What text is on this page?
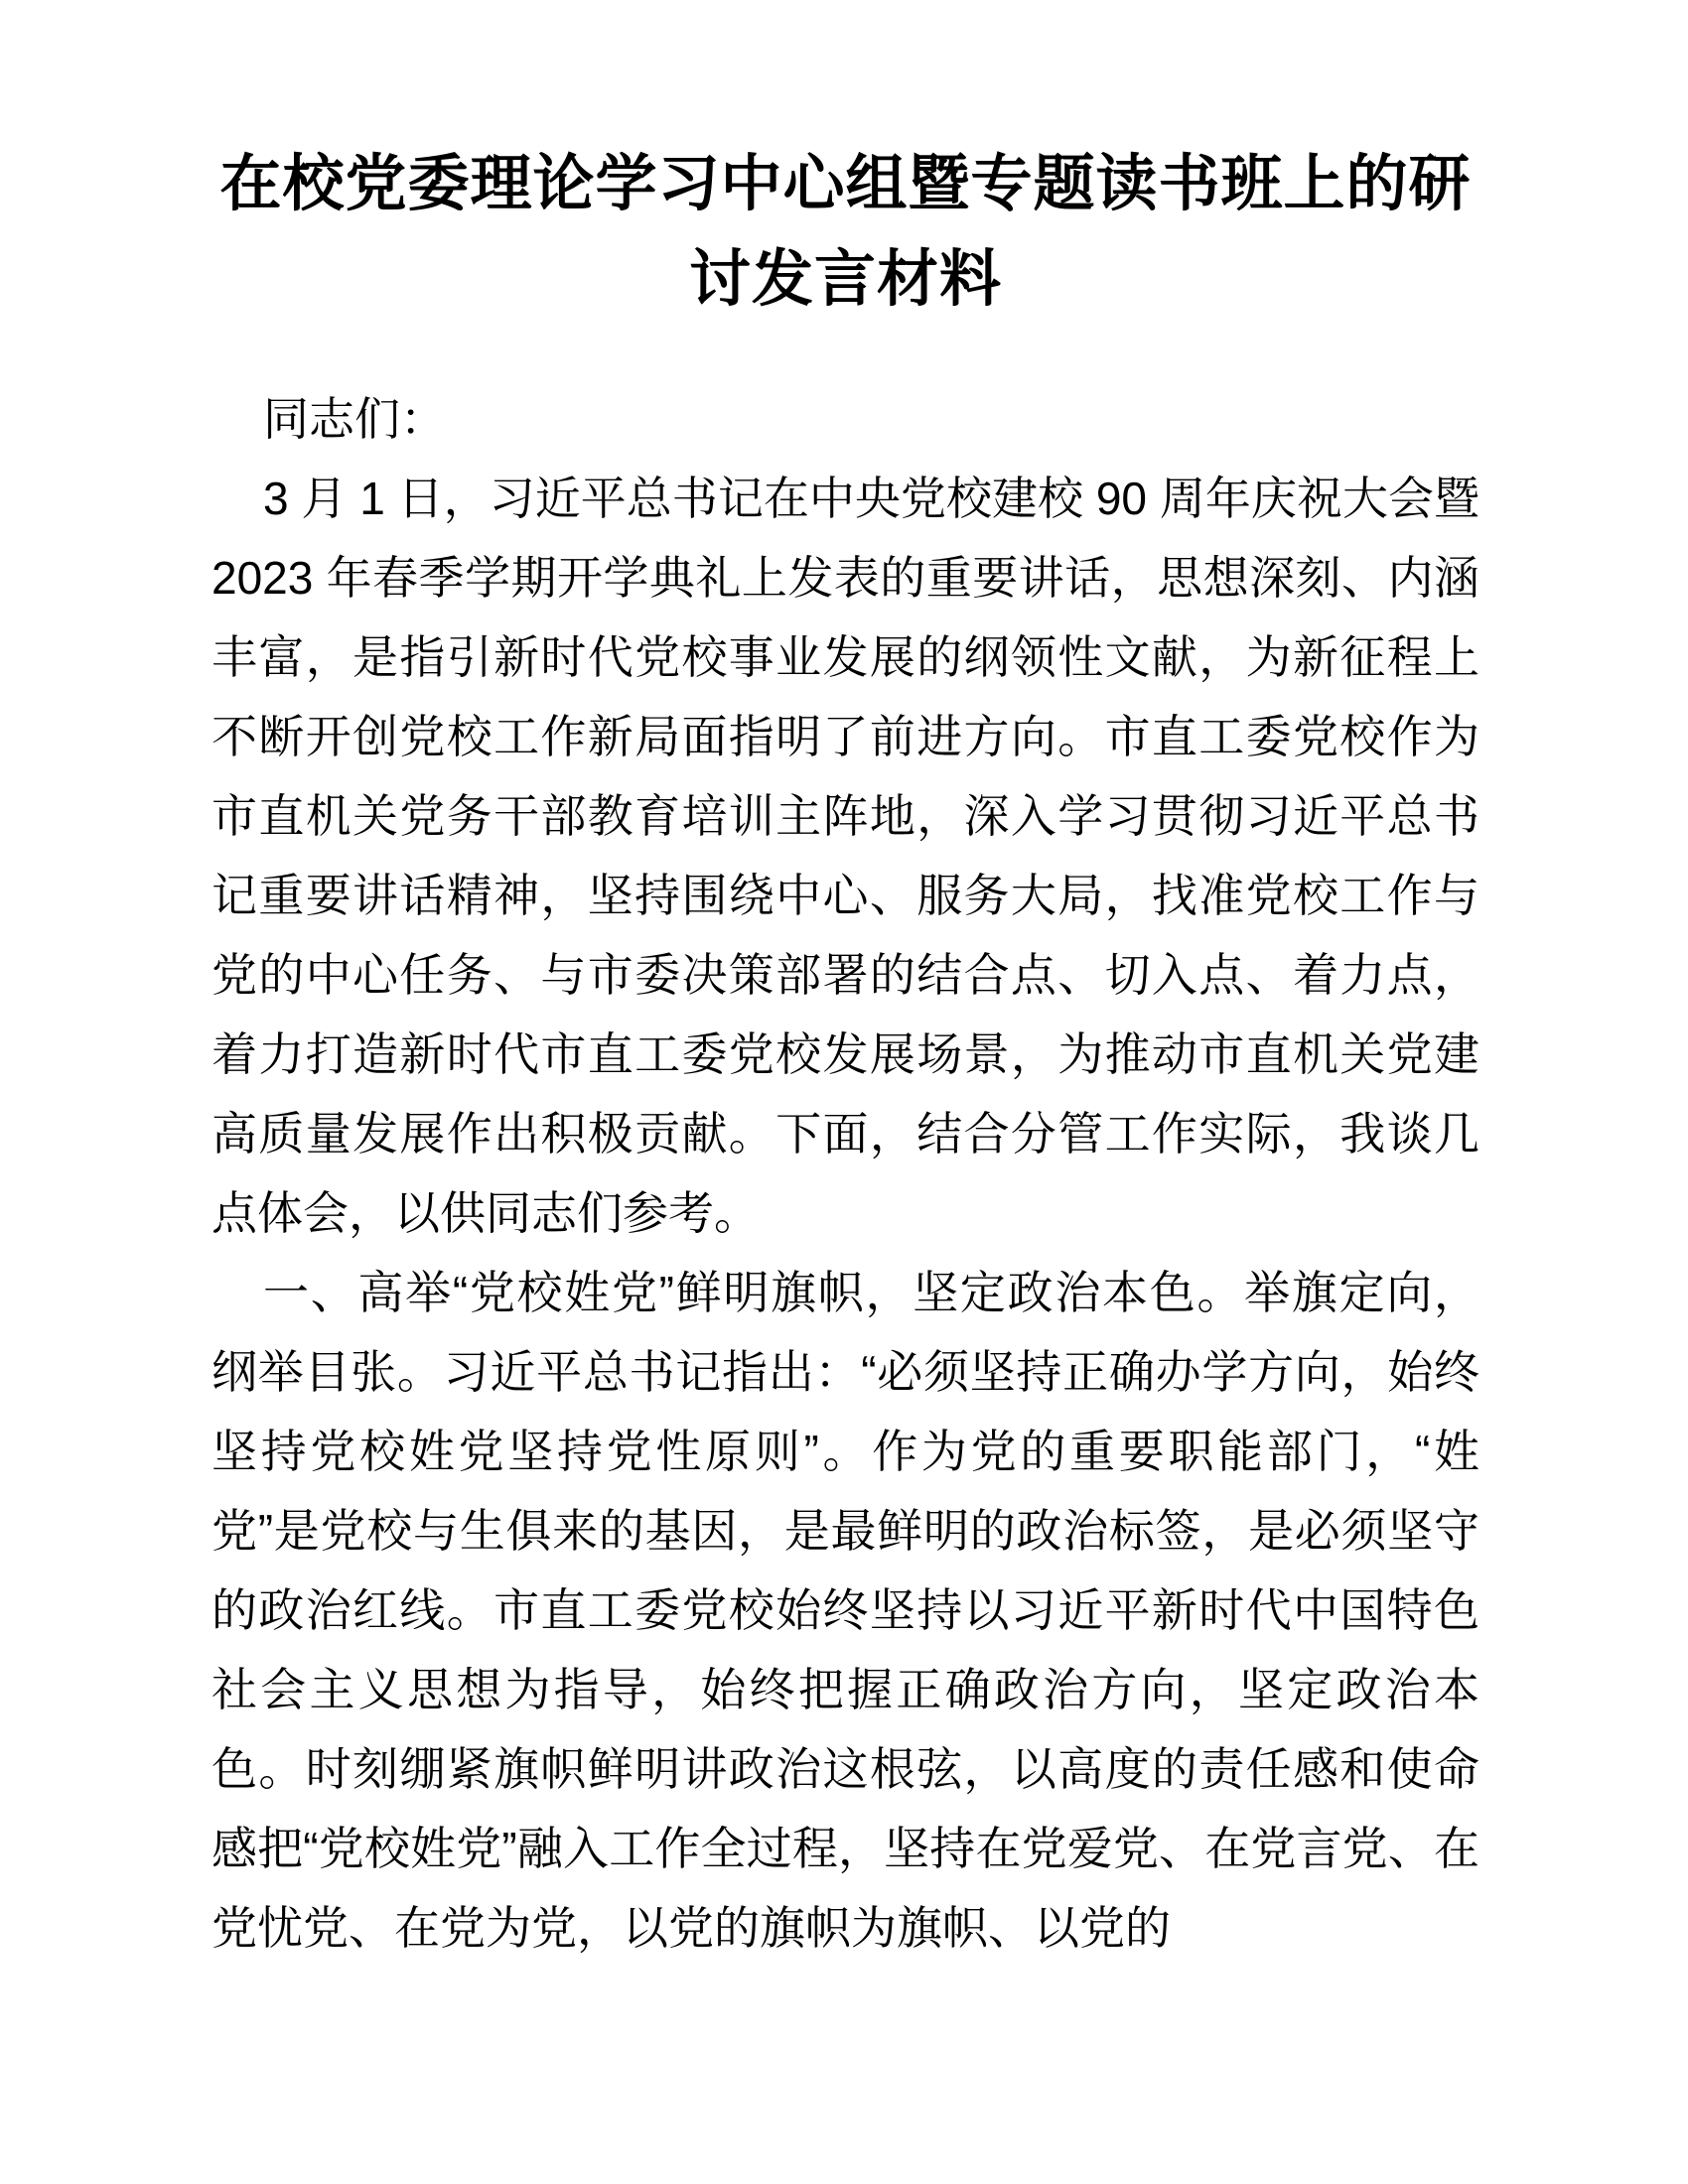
在校党委理论学习中心组暨专题读书班上的研讨发言材料

同志们：

3 月 1 日，习近平总书记在中央党校建校 90 周年庆祝大会暨 2023 年春季学期开学典礼上发表的重要讲话，思想深刻、内涵丰富，是指引新时代党校事业发展的纲领性文献，为新征程上不断开创党校工作新局面指明了前进方向。市直工委党校作为市直机关党务干部教育培训主阵地，深入学习贯彻习近平总书记重要讲话精神，坚持围绕中心、服务大局，找准党校工作与党的中心任务、与市委决策部署的结合点、切入点、着力点，着力打造新时代市直工委党校发展场景，为推动市直机关党建高质量发展作出积极贡献。下面，结合分管工作实际，我谈几点体会，以供同志们参考。

一、高举“党校姓党”鲜明旗帜，坚定政治本色。举旗定向，纲举目张。习近平总书记指出：“必须坚持正确办学方向，始终坚持党校姓党坚持党性原则”。作为党的重要职能部门，“姓党”是党校与生俱来的基因，是最鲜明的政治标签，是必须坚守的政治红线。市直工委党校始终坚持以习近平新时代中国特色社会主义思想为指导，始终把握正确政治方向，坚定政治本色。时刻绷紧旗帜鲜明讲政治这根弦，以高度的责任感和使命感把“党校姓党”融入工作全过程，坚持在党爱党、在党言党、在党忧党、在党为党，以党的旗帜为旗帜、以党的
